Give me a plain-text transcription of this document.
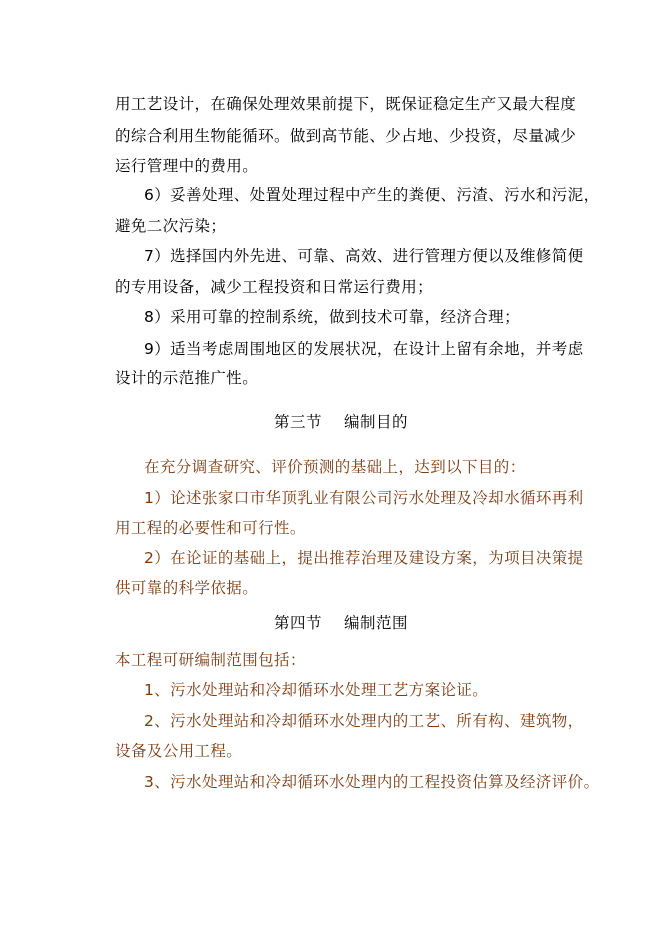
用工艺设计，在确保处理效果前提下，既保证稳定生产又最大程度
的综合利用生物能循环。做到高节能、少占地、少投资，尽量减少
运行管理中的费用。
6）妥善处理、处置处理过程中产生的粪便、污渣、污水和污泥，
避免二次污染；
7）选择国内外先进、可靠、高效、进行管理方便以及维修简便
的专用设备，减少工程投资和日常运行费用；
8）采用可靠的控制系统，做到技术可靠，经济合理；
9）适当考虑周围地区的发展状况，在设计上留有余地，并考虑
设计的示范推广性。
第三节 编制目的
在充分调查研究、评价预测的基础上，达到以下目的：
1）论述张家口市华顶乳业有限公司污水处理及冷却水循环再利
用工程的必要性和可行性。
2）在论证的基础上，提出推荐治理及建设方案，为项目决策提
供可靠的科学依据。
第四节 编制范围
本工程可研编制范围包括：
1、污水处理站和冷却循环水处理工艺方案论证。
2、污水处理站和冷却循环水处理内的工艺、所有构、建筑物，
设备及公用工程。
3、污水处理站和冷却循环水处理内的工程投资估算及经济评价。
